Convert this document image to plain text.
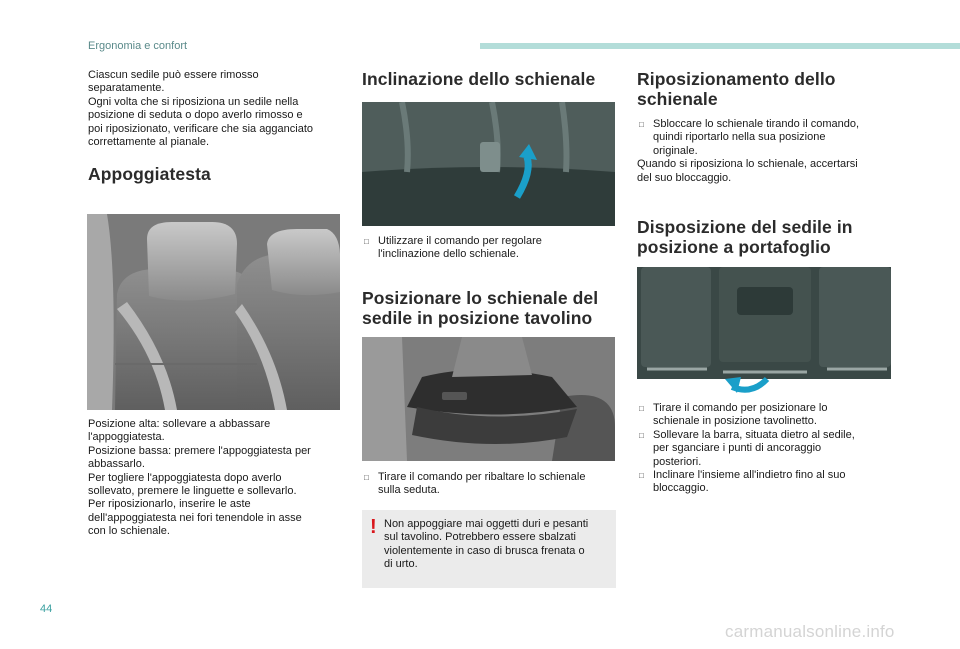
Ergonomia e confort

Ciascun sedile può essere rimosso

separatamente.

Ogni volta che si riposiziona un sedile nella

posizione di seduta o dopo averlo rimosso e

poi riposizionato, verificare che sia agganciato

correttamente al pianale.

Appoggiatesta

Posizione alta: sollevare a abbassare

l'appoggiatesta.

Posizione bassa: premere l'appoggiatesta per

abbassarlo.

Per togliere l'appoggiatesta dopo averlo

sollevato, premere le linguette e sollevarlo.

Per riposizionarlo, inserire le aste

dell'appoggiatesta nei fori tenendole in asse

con lo schienale.

Inclinazione dello schienale
□ Utilizzare il comando per regolare
l'inclinazione dello schienale.
Posizionare lo schienale del
sedile in posizione tavolino
□ Tirare il comando per ribaltare lo schienale
sulla seduta.
! Non appoggiare mai oggetti duri e pesanti

sul tavolino. Potrebbero essere sbalzati

violentemente in caso di brusca frenata o

di urto.

Riposizionamento dello
schienale
□ Sbloccare lo schienale tirando il comando,
quindi riportarlo nella sua posizione
originale.

Quando si riposiziona lo schienale, accertarsi

del suo bloccaggio.

Disposizione del sedile in
posizione a portafoglio
□ Tirare il comando per posizionare lo
schienale in posizione tavolinetto.
□ Sollevare la barra, situata dietro al sedile,
per sganciare i punti di ancoraggio
posteriori.
□ Inclinare l'insieme all'indietro fino al suo
bloccaggio.
44
carmanualsonline.info
